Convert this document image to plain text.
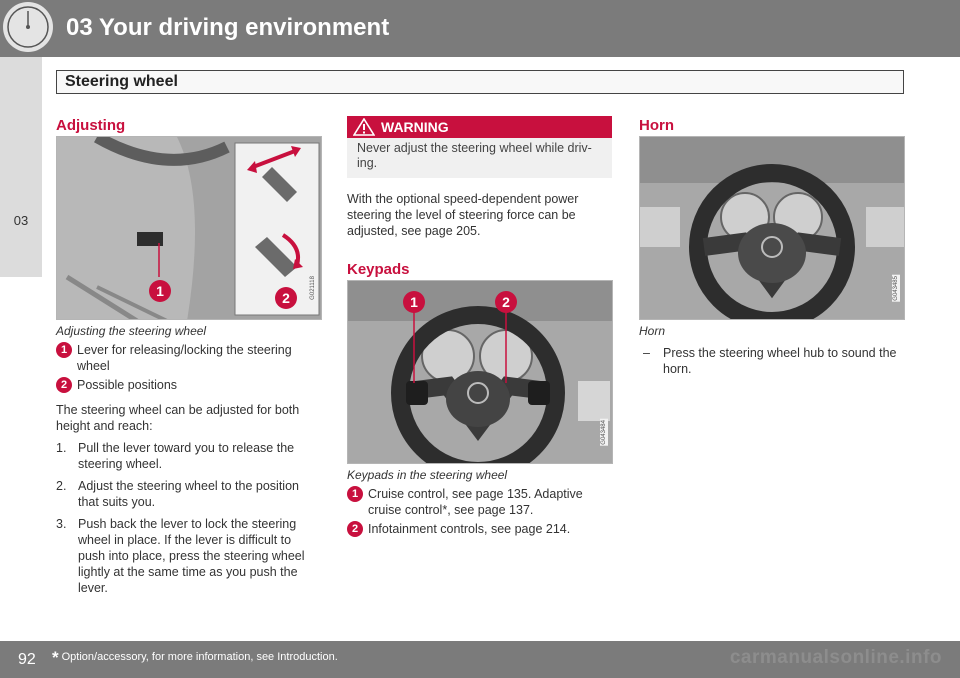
03 Your driving environment
03
Steering wheel
Adjusting
1	2	G021118
Adjusting the steering wheel
1 Lever for releasing/locking the steering wheel
2 Possible positions
The steering wheel can be adjusted for both height and reach:
1. Pull the lever toward you to release the steering wheel.
2. Adjust the steering wheel to the position that suits you.
3. Push back the lever to lock the steering wheel in place. If the lever is difficult to push into place, press the steering wheel lightly at the same time as you push the lever.
WARNING
Never adjust the steering wheel while driv- ing.
With the optional speed-dependent power steering the level of steering force can be adjusted, see page 205.
Keypads
1	2
G043484
Keypads in the steering wheel
1 Cruise control, see page 135. Adaptive cruise control*, see page 137.
2 Infotainment controls, see page 214.
Horn
G043485
Horn
–	Press the steering wheel hub to sound the horn.
92 * Option/accessory, for more information, see Introduction.	carmanualsonline.info
